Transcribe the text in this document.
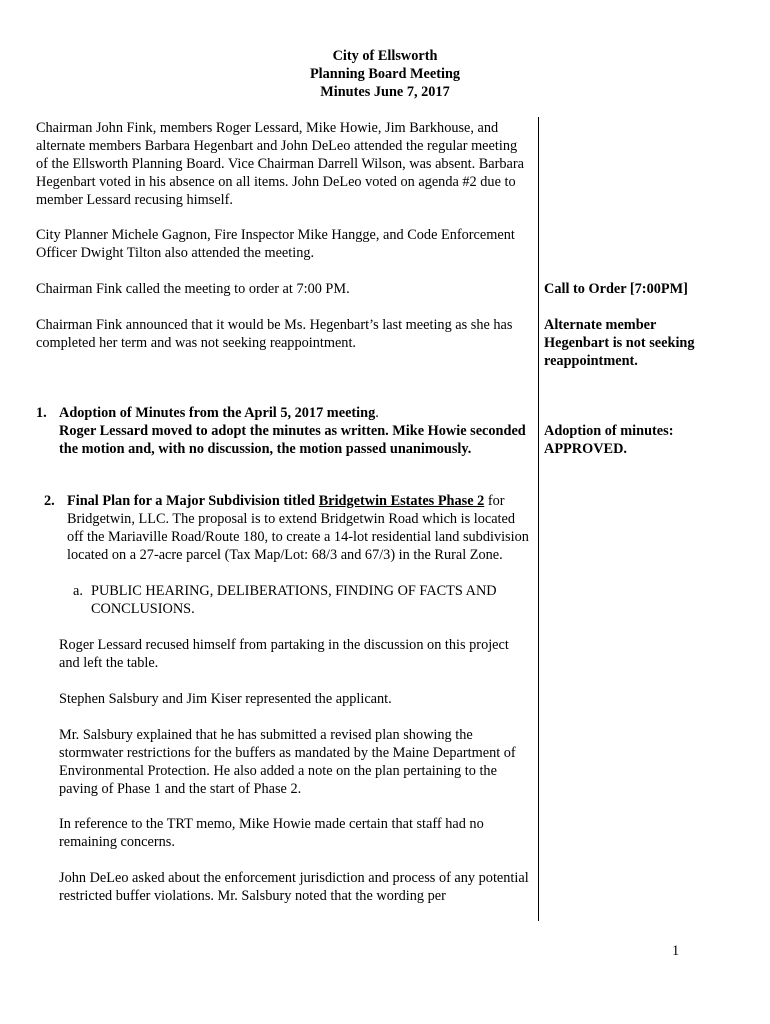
City of Ellsworth
Planning Board Meeting
Minutes June 7, 2017

Chairman John Fink, members Roger Lessard, Mike Howie, Jim Barkhouse, and alternate members Barbara Hegenbart and John DeLeo attended the regular meeting of the Ellsworth Planning Board. Vice Chairman Darrell Wilson, was absent. Barbara Hegenbart voted in his absence on all items. John DeLeo voted on agenda #2 due to member Lessard recusing himself.

City Planner Michele Gagnon, Fire Inspector Mike Hangge, and Code Enforcement Officer Dwight Tilton also attended the meeting.

Chairman Fink called the meeting to order at 7:00 PM.	Call to Order [7:00PM]

Chairman Fink announced that it would be Ms. Hegenbart’s last meeting as she has completed her term and was not seeking reappointment.

Alternate member Hegenbart is not seeking reappointment.

1. Adoption of Minutes from the April 5, 2017 meeting.
Roger Lessard moved to adopt the minutes as written. Mike Howie seconded the motion and, with no discussion, the motion passed unanimously.

Adoption of minutes: APPROVED.

2. Final Plan for a Major Subdivision titled Bridgetwin Estates Phase 2 for Bridgetwin, LLC. The proposal is to extend Bridgetwin Road which is located off the Mariaville Road/Route 180, to create a 14-lot residential land subdivision located on a 27-acre parcel (Tax Map/Lot: 68/3 and 67/3) in the Rural Zone.
a. PUBLIC HEARING, DELIBERATIONS, FINDING OF FACTS AND CONCLUSIONS.

Roger Lessard recused himself from partaking in the discussion on this project and left the table.

Stephen Salsbury and Jim Kiser represented the applicant.

Mr. Salsbury explained that he has submitted a revised plan showing the stormwater restrictions for the buffers as mandated by the Maine Department of Environmental Protection. He also added a note on the plan pertaining to the paving of Phase 1 and the start of Phase 2.

In reference to the TRT memo, Mike Howie made certain that staff had no remaining concerns.

John DeLeo asked about the enforcement jurisdiction and process of any potential restricted buffer violations. Mr. Salsbury noted that the wording per

1
